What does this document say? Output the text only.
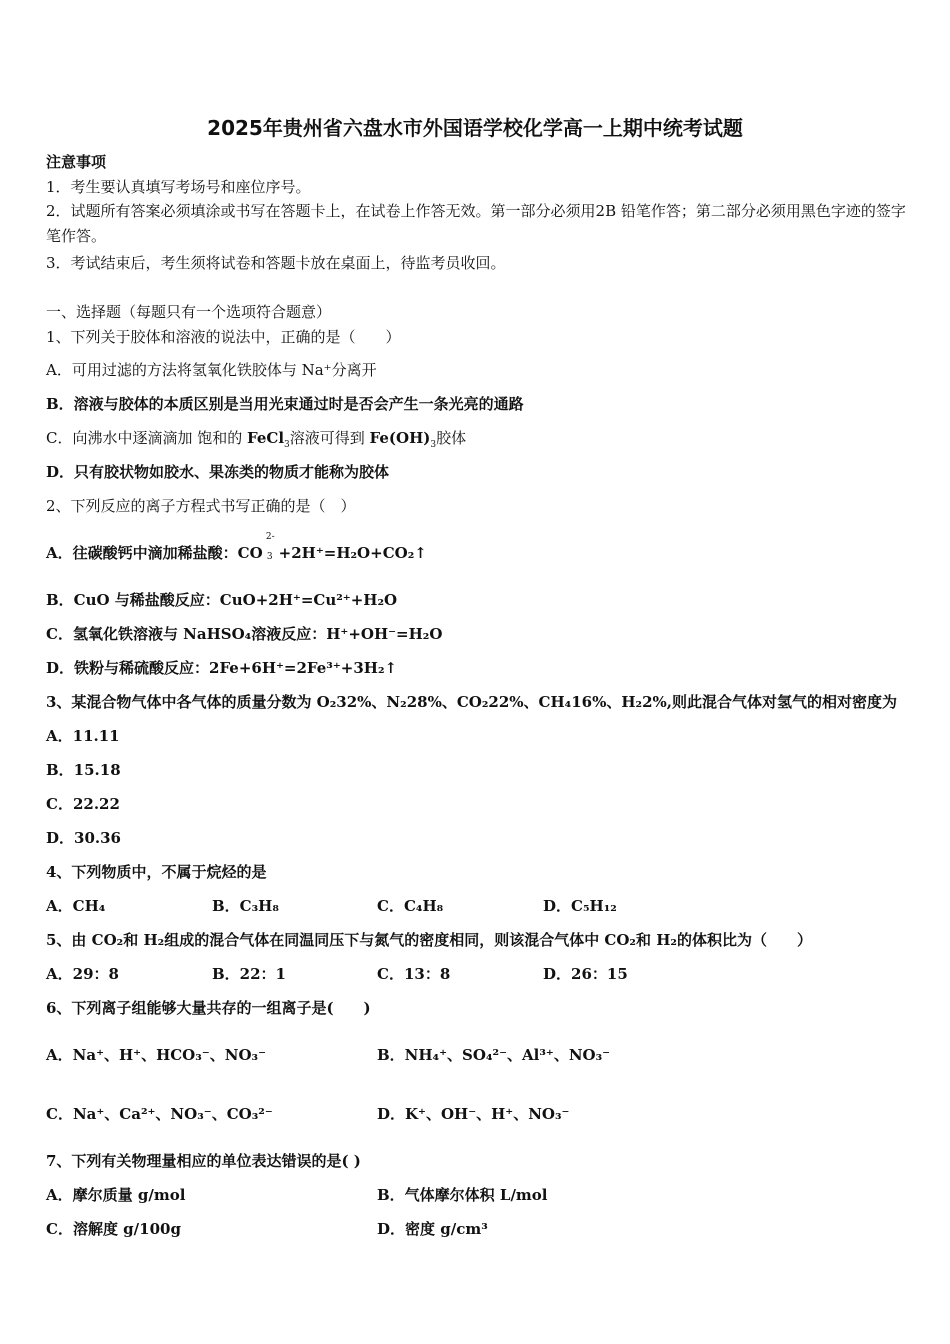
2025年贵州省六盘水市外国语学校化学高一上期中统考试题
注意事项
1．考生要认真填写考场号和座位序号。
2．试题所有答案必须填涂或书写在答题卡上，在试卷上作答无效。第一部分必须用2B 铅笔作答；第二部分必须用黑色字迹的签字笔作答。
3．考试结束后，考生须将试卷和答题卡放在桌面上，待监考员收回。
一、选择题（每题只有一个选项符合题意）
1、下列关于胶体和溶液的说法中，正确的是（　　）
A．可用过滤的方法将氢氧化铁胶体与 Na⁺分离开
B．溶液与胶体的本质区别是当用光束通过时是否会产生一条光亮的通路
C．向沸水中逐滴滴加 饱和的 FeCl$_3$溶液可得到 $Fe(OH)_3$胶体
D．只有胶状物如胶水、果冻类的物质才能称为胶体
2、下列反应的离子方程式书写正确的是（　）
A．往碳酸钙中滴加稀盐酸：CO
2-
3 +2H⁺=H₂O+CO₂↑
B．CuO 与稀盐酸反应：CuO+2H⁺=Cu²⁺+H₂O
C．氢氧化铁溶液与 NaHSO₄溶液反应：H⁺+OH⁻=H₂O
D．铁粉与稀硫酸反应：2Fe+6H⁺=2Fe³⁺+3H₂↑
3、某混合物气体中各气体的质量分数为 O₂32%、N₂28%、CO₂22%、CH₄16%、H₂2%,则此混合气体对氢气的相对密度为
A．11.11
B．15.18
C．22.22
D．30.36
4、下列物质中，不属于烷烃的是
A．CH₄	B．C₃H₈	C．C₄H₈	D．C₅H₁₂
5、由 CO₂和 H₂组成的混合气体在同温同压下与氮气的密度相同，则该混合气体中 CO₂和 H₂的体积比为（　　）
A．29：8	B．22：1	C．13：8	D．26：15
6、下列离子组能够大量共存的一组离子是(　　)
A．Na⁺、H⁺、HCO₃⁻、NO₃⁻	B．NH₄⁺、SO₄²⁻、Al³⁺、NO₃⁻
C．Na⁺、Ca²⁺、NO₃⁻、CO₃²⁻	D．K⁺、OH⁻、H⁺、NO₃⁻
7、下列有关物理量相应的单位表达错误的是( )
A．摩尔质量 g/mol	B．气体摩尔体积 L/mol
C．溶解度 g/100g	D．密度 g/cm³
